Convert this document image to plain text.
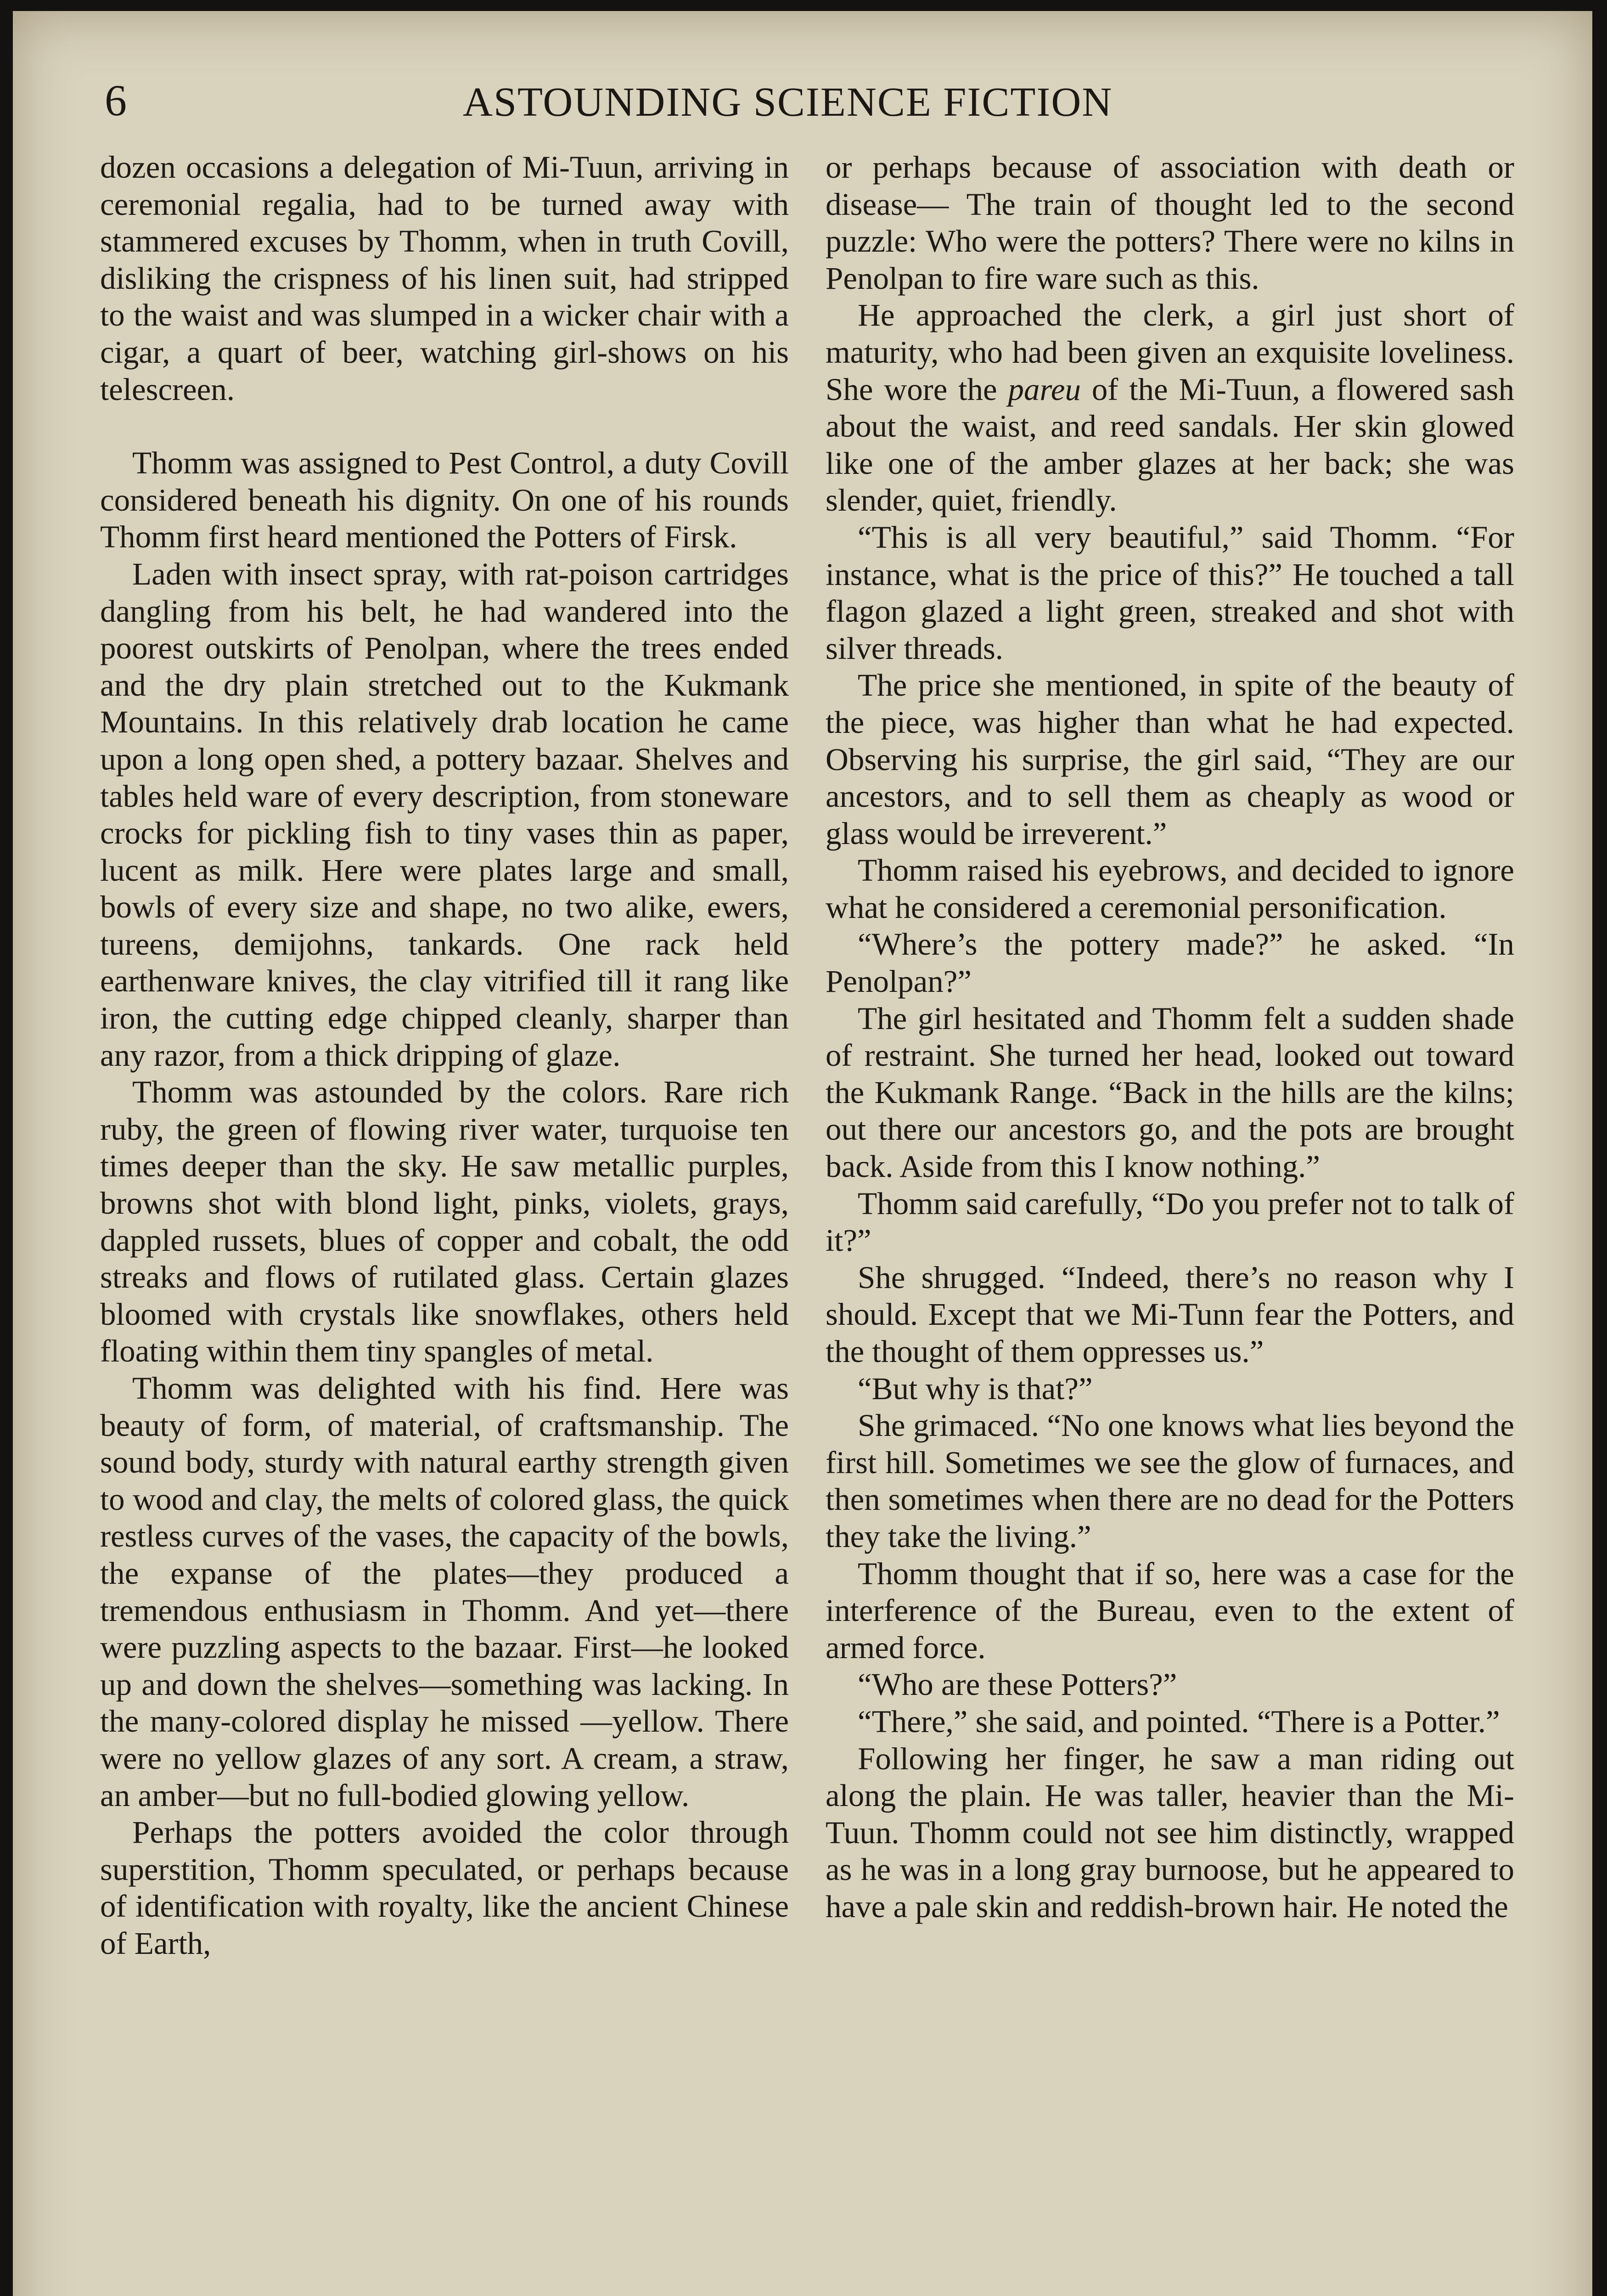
6	ASTOUNDING SCIENCE FICTION

dozen occasions a delegation of Mi-Tuun, arriving in ceremonial regalia, had to be turned away with stammered excuses by Thomm, when in truth Covill, disliking the crispness of his linen suit, had stripped to the waist and was slumped in a wicker chair with a cigar, a quart of beer, watching girl-shows on his telescreen.

Thomm was assigned to Pest Control, a duty Covill considered beneath his dignity. On one of his rounds Thomm first heard mentioned the Potters of Firsk.

Laden with insect spray, with rat-poison cartridges dangling from his belt, he had wandered into the poorest outskirts of Penolpan, where the trees ended and the dry plain stretched out to the Kukmank Mountains. In this relatively drab location he came upon a long open shed, a pottery bazaar. Shelves and tables held ware of every description, from stoneware crocks for pickling fish to tiny vases thin as paper, lucent as milk. Here were plates large and small, bowls of every size and shape, no two alike, ewers, tureens, demijohns, tankards. One rack held earthenware knives, the clay vitrified till it rang like iron, the cutting edge chipped cleanly, sharper than any razor, from a thick dripping of glaze.

Thomm was astounded by the colors. Rare rich ruby, the green of flowing river water, turquoise ten times deeper than the sky. He saw metallic purples, browns shot with blond light, pinks, violets, grays, dappled russets, blues of copper and cobalt, the odd streaks and flows of rutilated glass. Certain glazes bloomed with crystals like snowflakes, others held floating within them tiny spangles of metal.

Thomm was delighted with his find. Here was beauty of form, of material, of craftsmanship. The sound body, sturdy with natural earthy strength given to wood and clay, the melts of colored glass, the quick restless curves of the vases, the capacity of the bowls, the expanse of the plates—they produced a tremendous enthusiasm in Thomm. And yet—there were puzzling aspects to the bazaar. First—he looked up and down the shelves—something was lacking. In the many-colored display he missed —yellow. There were no yellow glazes of any sort. A cream, a straw, an amber—but no full-bodied glowing yellow.

Perhaps the potters avoided the color through superstition, Thomm speculated, or perhaps because of identification with royalty, like the ancient Chinese of Earth,

or perhaps because of association with death or disease— The train of thought led to the second puzzle: Who were the potters? There were no kilns in Penolpan to fire ware such as this.

He approached the clerk, a girl just short of maturity, who had been given an exquisite loveliness. She wore the pareu of the Mi-Tuun, a flowered sash about the waist, and reed sandals. Her skin glowed like one of the amber glazes at her back; she was slender, quiet, friendly.

“This is all very beautiful,” said Thomm. “For instance, what is the price of this?” He touched a tall flagon glazed a light green, streaked and shot with silver threads.

The price she mentioned, in spite of the beauty of the piece, was higher than what he had expected. Observing his surprise, the girl said, “They are our ancestors, and to sell them as cheaply as wood or glass would be irreverent.”

Thomm raised his eyebrows, and decided to ignore what he considered a ceremonial personification.

“Where’s the pottery made?” he asked. “In Penolpan?”

The girl hesitated and Thomm felt a sudden shade of restraint. She turned her head, looked out toward the Kukmank Range. “Back in the hills are the kilns; out there our ancestors go, and the pots are brought back. Aside from this I know nothing.”

Thomm said carefully, “Do you prefer not to talk of it?”

She shrugged. “Indeed, there’s no reason why I should. Except that we Mi-Tunn fear the Potters, and the thought of them oppresses us.”

“But why is that?”

She grimaced. “No one knows what lies beyond the first hill. Sometimes we see the glow of furnaces, and then sometimes when there are no dead for the Potters they take the living.”

Thomm thought that if so, here was a case for the interference of the Bureau, even to the extent of armed force.

“Who are these Potters?”

“There,” she said, and pointed. “There is a Potter.”

Following her finger, he saw a man riding out along the plain. He was taller, heavier than the Mi-Tuun. Thomm could not see him distinctly, wrapped as he was in a long gray burnoose, but he appeared to have a pale skin and reddish-brown hair. He noted the
